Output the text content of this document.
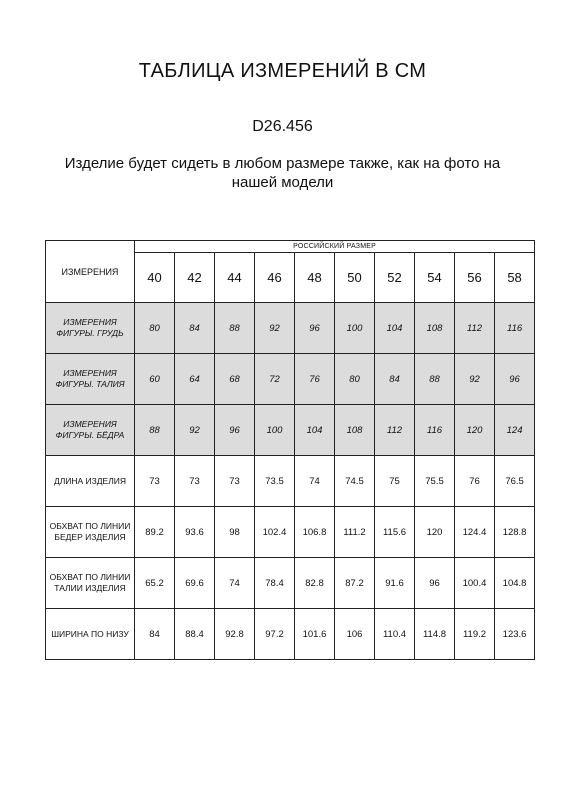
ТАБЛИЦА ИЗМЕРЕНИЙ В СМ
D26.456
Изделие будет сидеть в любом размере также, как на фото на нашей модели
ИЗМЕРЕНИЯ	РОССИЙСКИЙ РАЗМЕР									
	40	42	44	46	48	50	52	54	56	58
ИЗМЕРЕНИЯ ФИГУРЫ. ГРУДЬ	80	84	88	92	96	100	104	108	112	116
ИЗМЕРЕНИЯ ФИГУРЫ. ТАЛИЯ	60	64	68	72	76	80	84	88	92	96
ИЗМЕРЕНИЯ ФИГУРЫ. БЁДРА	88	92	96	100	104	108	112	116	120	124
ДЛИНА ИЗДЕЛИЯ	73	73	73	73.5	74	74.5	75	75.5	76	76.5
ОБХВАТ ПО ЛИНИИ БЕДЕР ИЗДЕЛИЯ	89.2	93.6	98	102.4	106.8	111.2	115.6	120	124.4	128.8
ОБХВАТ ПО ЛИНИИ ТАЛИИ ИЗДЕЛИЯ	65.2	69.6	74	78.4	82.8	87.2	91.6	96	100.4	104.8
ШИРИНА ПО НИЗУ	84	88.4	92.8	97.2	101.6	106	110.4	114.8	119.2	123.6
